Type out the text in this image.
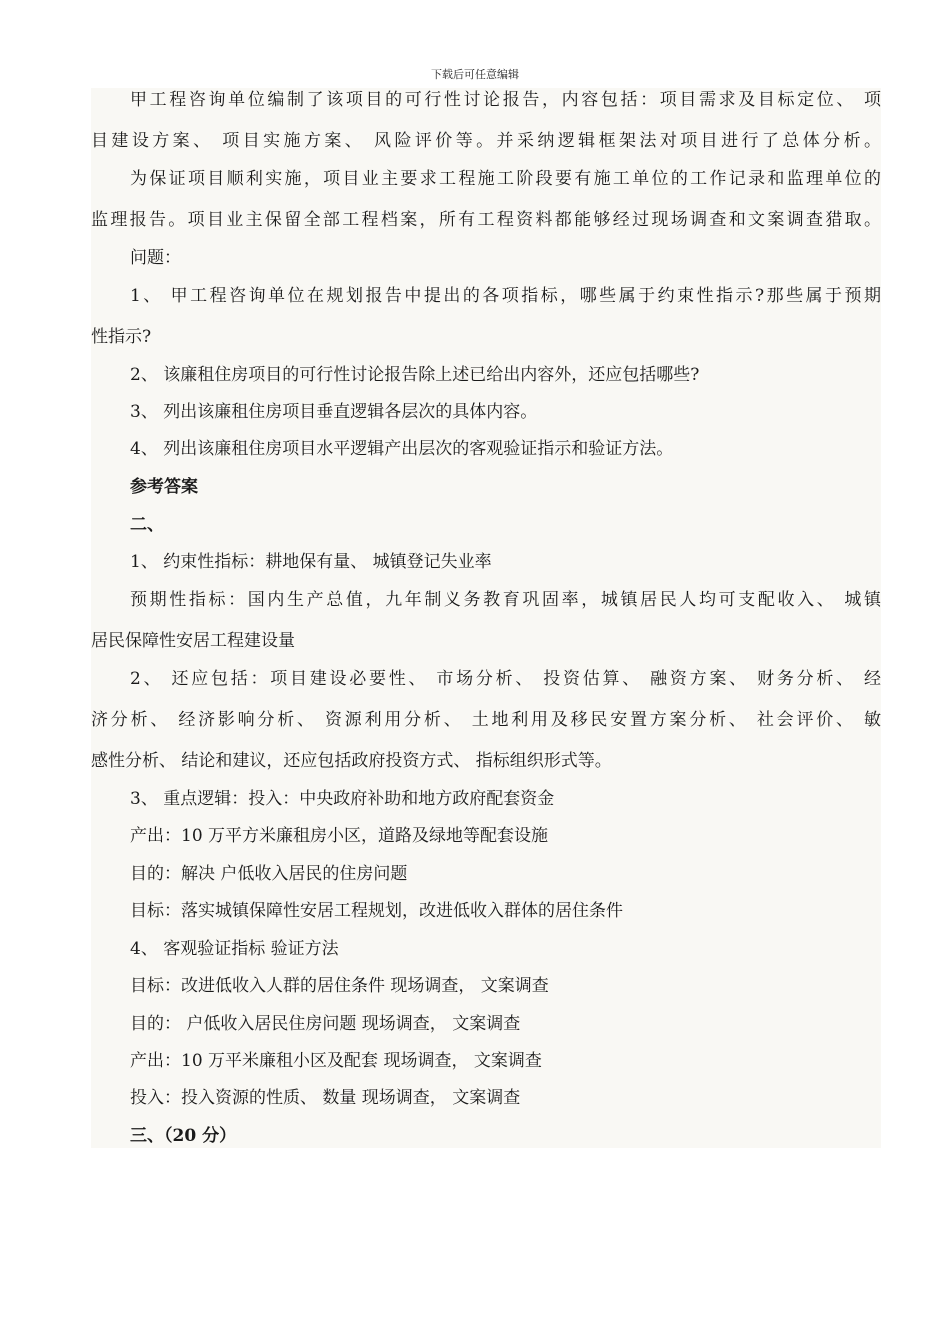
下载后可任意编辑
甲工程咨询单位编制了该项目的可行性讨论报告，内容包括：项目需求及目标定位、 项
目建设方案、 项目实施方案、 风险评价等。并采纳逻辑框架法对项目进行了总体分析。
为保证项目顺利实施，项目业主要求工程施工阶段要有施工单位的工作记录和监理单位的
监理报告。项目业主保留全部工程档案，所有工程资料都能够经过现场调查和文案调查猎取。
问题：
1、 甲工程咨询单位在规划报告中提出的各项指标，哪些属于约束性指示?那些属于预期
性指示?
2、 该廉租住房项目的可行性讨论报告除上述已给出内容外，还应包括哪些?
3、 列出该廉租住房项目垂直逻辑各层次的具体内容。
4、 列出该廉租住房项目水平逻辑产出层次的客观验证指示和验证方法。
参考答案
二、
1、 约束性指标：耕地保有量、 城镇登记失业率
预期性指标：国内生产总值，九年制义务教育巩固率，城镇居民人均可支配收入、 城镇
居民保障性安居工程建设量
2、 还应包括：项目建设必要性、 市场分析、 投资估算、 融资方案、 财务分析、 经
济分析、 经济影响分析、 资源利用分析、 土地利用及移民安置方案分析、 社会评价、 敏
感性分析、 结论和建议，还应包括政府投资方式、 指标组织形式等。
3、 重点逻辑：投入：中央政府补助和地方政府配套资金
产出：10 万平方米廉租房小区，道路及绿地等配套设施
目的：解决 户低收入居民的住房问题
目标：落实城镇保障性安居工程规划，改进低收入群体的居住条件
4、 客观验证指标 验证方法
目标：改进低收入人群的居住条件 现场调查， 文案调查
目的： 户低收入居民住房问题 现场调查， 文案调查
产出：10 万平米廉租小区及配套 现场调查， 文案调查
投入：投入资源的性质、 数量 现场调查， 文案调查
三、（20 分）
